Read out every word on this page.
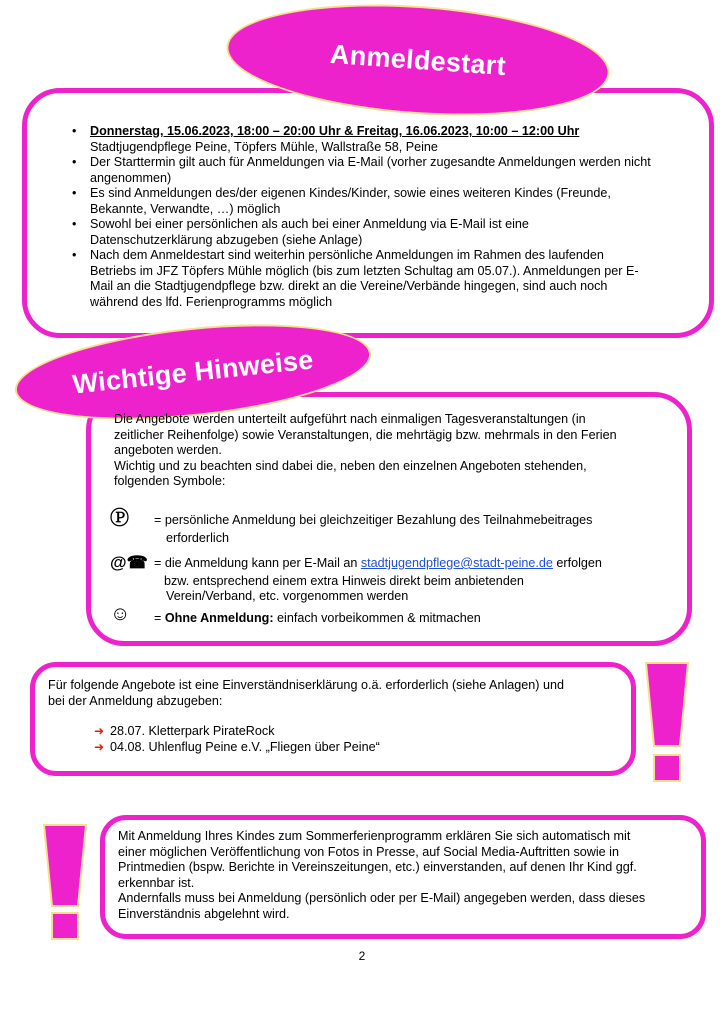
Anmeldestart
• Donnerstag, 15.06.2023, 18:00 – 20:00 Uhr & Freitag, 16.06.2023, 10:00 – 12:00 Uhr
Stadtjugendpflege Peine, Töpfers Mühle, Wallstraße 58, Peine
• Der Starttermin gilt auch für Anmeldungen via E-Mail (vorher zugesandte Anmeldungen werden nicht
angenommen)
• Es sind Anmeldungen des/der eigenen Kindes/Kinder, sowie eines weiteren Kindes (Freunde,
Bekannte, Verwandte, …) möglich
• Sowohl bei einer persönlichen als auch bei einer Anmeldung via E-Mail ist eine
Datenschutzerklärung abzugeben (siehe Anlage)
• Nach dem Anmeldestart sind weiterhin persönliche Anmeldungen im Rahmen des laufenden
Betriebs im JFZ Töpfers Mühle möglich (bis zum letzten Schultag am 05.07.). Anmeldungen per E-
Mail an die Stadtjugendpflege bzw. direkt an die Vereine/Verbände hingegen, sind auch noch
während des lfd. Ferienprogramms möglich
Wichtige Hinweise
Die Angebote werden unterteilt aufgeführt nach einmaligen Tagesveranstaltungen (in
zeitlicher Reihenfolge) sowie Veranstaltungen, die mehrtägig bzw. mehrmals in den Ferien
angeboten werden.
Wichtig und zu beachten sind dabei die, neben den einzelnen Angeboten stehenden,
folgenden Symbole:
Ⓟ = persönliche Anmeldung bei gleichzeitiger Bezahlung des Teilnahmebeitrages
erforderlich
@☎ = die Anmeldung kann per E-Mail an stadtjugendpflege@stadt-peine.de erfolgen
bzw. entsprechend einem extra Hinweis direkt beim anbietenden
Verein/Verband, etc. vorgenommen werden
☺ = Ohne Anmeldung: einfach vorbeikommen & mitmachen
Für folgende Angebote ist eine Einverständniserklärung o.ä. erforderlich (siehe Anlagen) und
bei der Anmeldung abzugeben:
➜ 28.07. Kletterpark PirateRock
➜ 04.08. Uhlenflug Peine e.V. „Fliegen über Peine“
Mit Anmeldung Ihres Kindes zum Sommerferienprogramm erklären Sie sich automatisch mit
einer möglichen Veröffentlichung von Fotos in Presse, auf Social Media-Auftritten sowie in
Printmedien (bspw. Berichte in Vereinszeitungen, etc.) einverstanden, auf denen Ihr Kind ggf.
erkennbar ist.
Andernfalls muss bei Anmeldung (persönlich oder per E-Mail) angegeben werden, dass dieses
Einverständnis abgelehnt wird.
2
